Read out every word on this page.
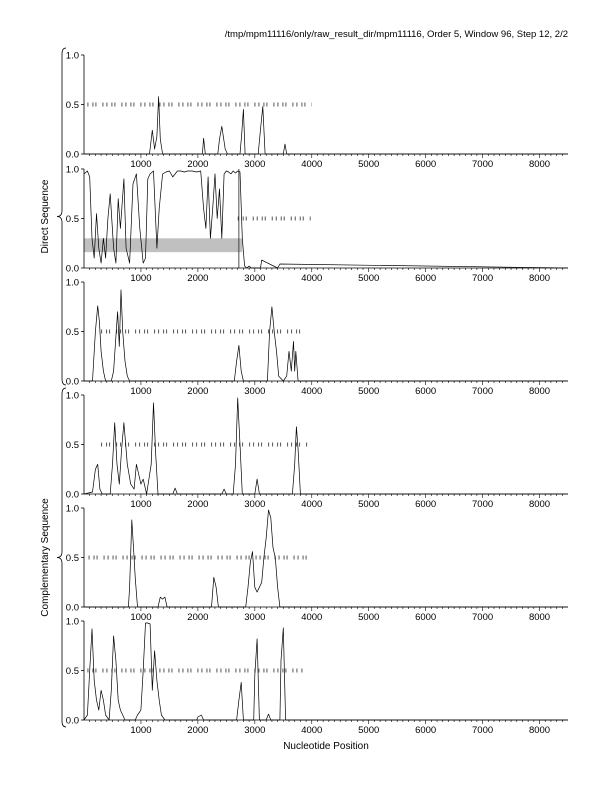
/tmp/mpm11116/only/raw_result_dir/mpm11116, Order 5, Window 96, Step 12, 2/2
0.0
0.5
1.0
1000	2000	3000	4000	5000	6000	7000	8000
0.0
0.5
1.0
1000	2000	3000	4000	5000	6000	7000	8000
0.0
0.5
1.0
1000	2000	3000	4000	5000	6000	7000	8000
0.0
0.5
1.0
1000	2000	3000	4000	5000	6000	7000	8000
0.0
0.5
1.0
1000	2000	3000	4000	5000	6000	7000	8000
0.0
0.5
1.0
1000	2000	3000	4000	5000	6000	7000	8000
Direct Sequence
Complementary Sequence
Nucleotide Position
